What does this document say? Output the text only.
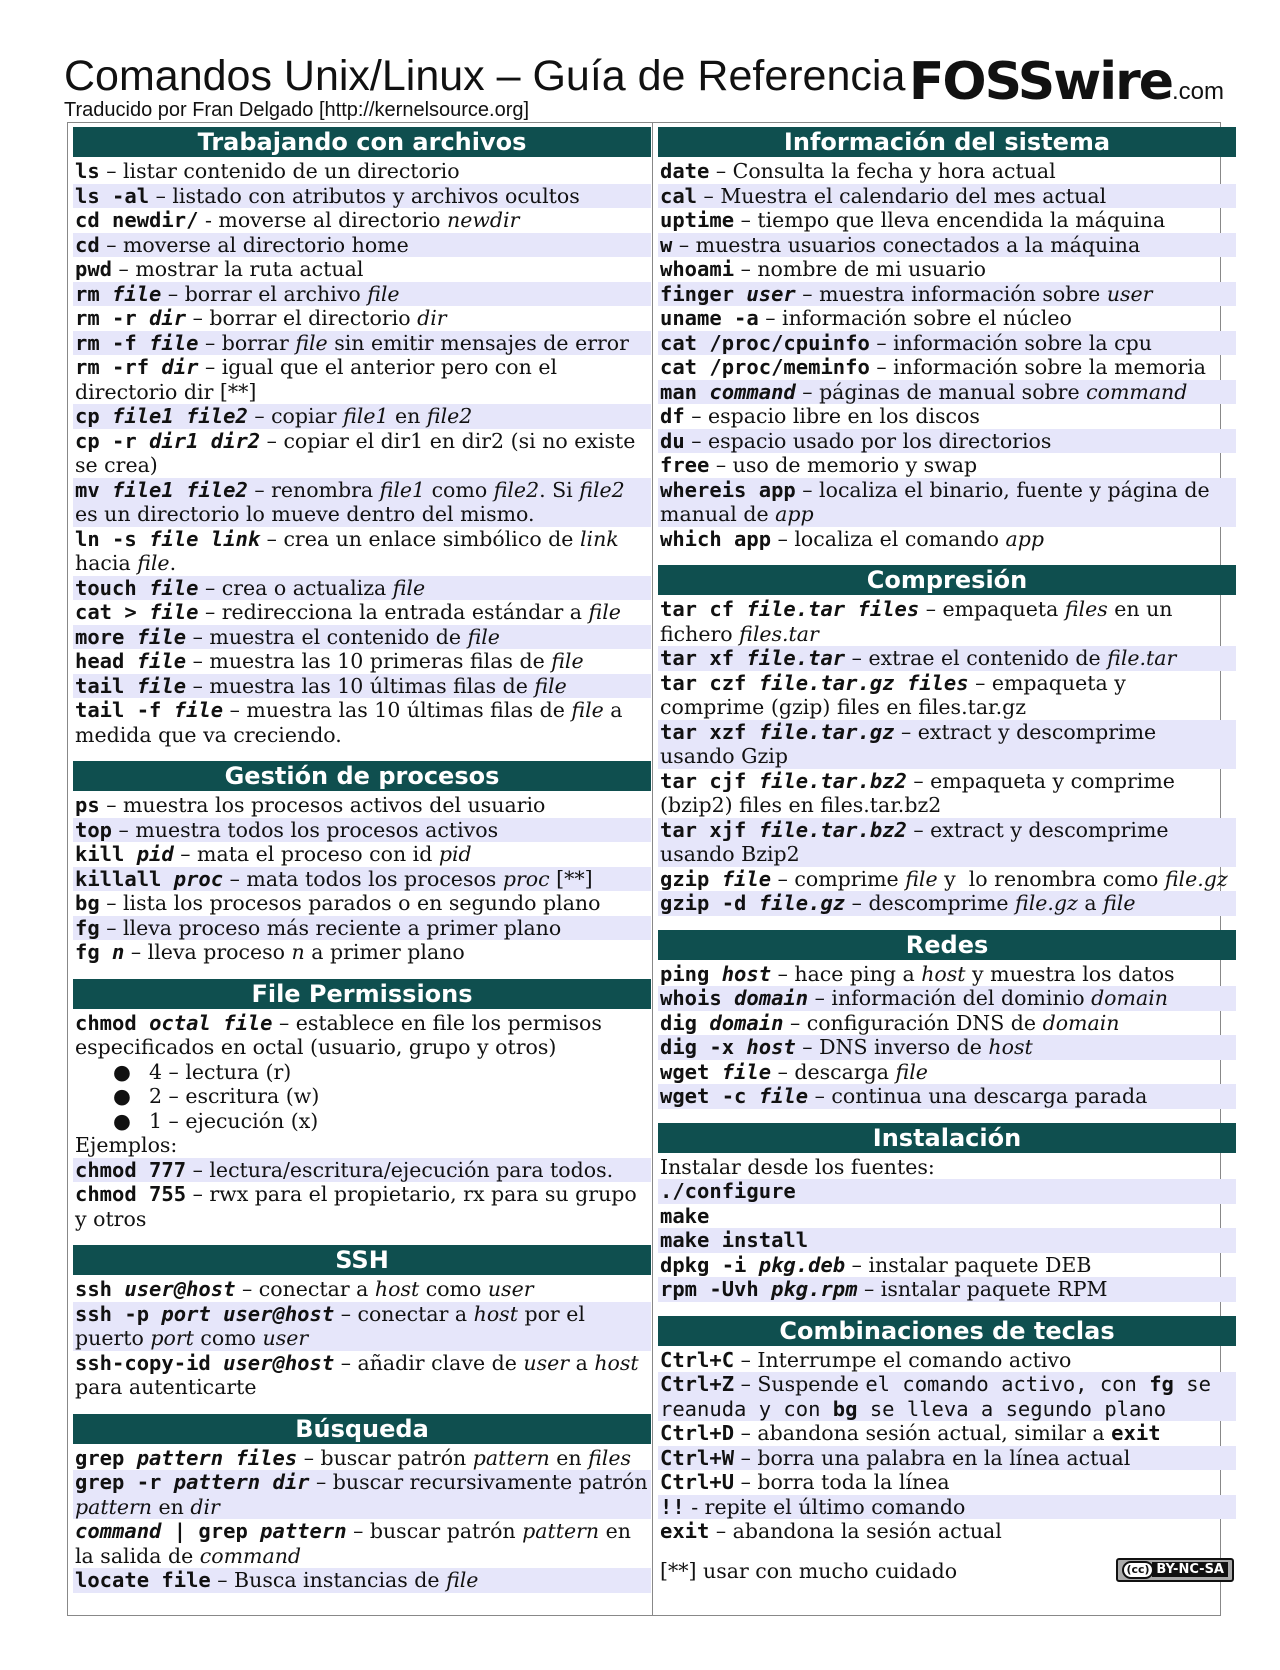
Comandos Unix/Linux – Guía de Referencia
Traducido por Fran Delgado [http://kernelsource.org]	FOSSwire.com
Trabajando con archivos
ls – listar contenido de un directorio
ls -al – listado con atributos y archivos ocultos
cd newdir/ - moverse al directorio newdir
cd – moverse al directorio home
pwd – mostrar la ruta actual
rm file – borrar el archivo file
rm -r dir – borrar el directorio dir
rm -f file – borrar file sin emitir mensajes de error
rm -rf dir – igual que el anterior pero con el directorio dir [**]
cp file1 file2 – copiar file1 en file2
cp -r dir1 dir2 – copiar el dir1 en dir2 (si no existe se crea)
mv file1 file2 – renombra file1 como file2. Si file2 es un directorio lo mueve dentro del mismo.
ln -s file link – crea un enlace simbólico de link hacia file.
touch file – crea o actualiza file
cat > file – redirecciona la entrada estándar a file
more file – muestra el contenido de file
head file – muestra las 10 primeras filas de file
tail file – muestra las 10 últimas filas de file
tail -f file – muestra las 10 últimas filas de file a medida que va creciendo.
Gestión de procesos
ps – muestra los procesos activos del usuario
top – muestra todos los procesos activos
kill pid – mata el proceso con id pid
killall proc – mata todos los procesos proc [**]
bg – lista los procesos parados o en segundo plano
fg – lleva proceso más reciente a primer plano
fg n – lleva proceso n a primer plano
File Permissions
chmod octal file – establece en file los permisos especificados en octal (usuario, grupo y otros)
● 4 – lectura (r)
● 2 – escritura (w)
● 1 – ejecución (x)
Ejemplos:
chmod 777 – lectura/escritura/ejecución para todos.
chmod 755 – rwx para el propietario, rx para su grupo y otros
SSH
ssh user@host – conectar a host como user
ssh -p port user@host – conectar a host por el puerto port como user
ssh-copy-id user@host – añadir clave de user a host para autenticarte
Búsqueda
grep pattern files – buscar patrón pattern en files
grep -r pattern dir – buscar recursivamente patrón pattern en dir
command | grep pattern – buscar patrón pattern en la salida de command
locate file – Busca instancias de file
Información del sistema
date – Consulta la fecha y hora actual
cal – Muestra el calendario del mes actual
uptime – tiempo que lleva encendida la máquina
w – muestra usuarios conectados a la máquina
whoami – nombre de mi usuario
finger user – muestra información sobre user
uname -a – información sobre el núcleo
cat /proc/cpuinfo – información sobre la cpu
cat /proc/meminfo – información sobre la memoria
man command – páginas de manual sobre command
df – espacio libre en los discos
du – espacio usado por los directorios
free – uso de memorio y swap
whereis app – localiza el binario, fuente y página de manual de app
which app – localiza el comando app
Compresión
tar cf file.tar files – empaqueta files en un fichero files.tar
tar xf file.tar – extrae el contenido de file.tar
tar czf file.tar.gz files – empaqueta y comprime (gzip) files en files.tar.gz
tar xzf file.tar.gz – extract y descomprime usando Gzip
tar cjf file.tar.bz2 – empaqueta y comprime (bzip2) files en files.tar.bz2
tar xjf file.tar.bz2 – extract y descomprime usando Bzip2
gzip file – comprime file y  lo renombra como file.gz
gzip -d file.gz – descomprime file.gz a file
Redes
ping host – hace ping a host y muestra los datos
whois domain – información del dominio domain
dig domain – configuración DNS de domain
dig -x host – DNS inverso de host
wget file – descarga file
wget -c file – continua una descarga parada
Instalación
Instalar desde los fuentes:
./configure
make
make install
dpkg -i pkg.deb – instalar paquete DEB
rpm -Uvh pkg.rpm – isntalar paquete RPM
Combinaciones de teclas
Ctrl+C – Interrumpe el comando activo
Ctrl+Z – Suspende el comando activo, con fg se reanuda y con bg se lleva a segundo plano
Ctrl+D – abandona sesión actual, similar a exit
Ctrl+W – borra una palabra en la línea actual
Ctrl+U – borra toda la línea
!! - repite el último comando
exit – abandona la sesión actual
[**] usar con mucho cuidado	(cc) BY-NC-SA
